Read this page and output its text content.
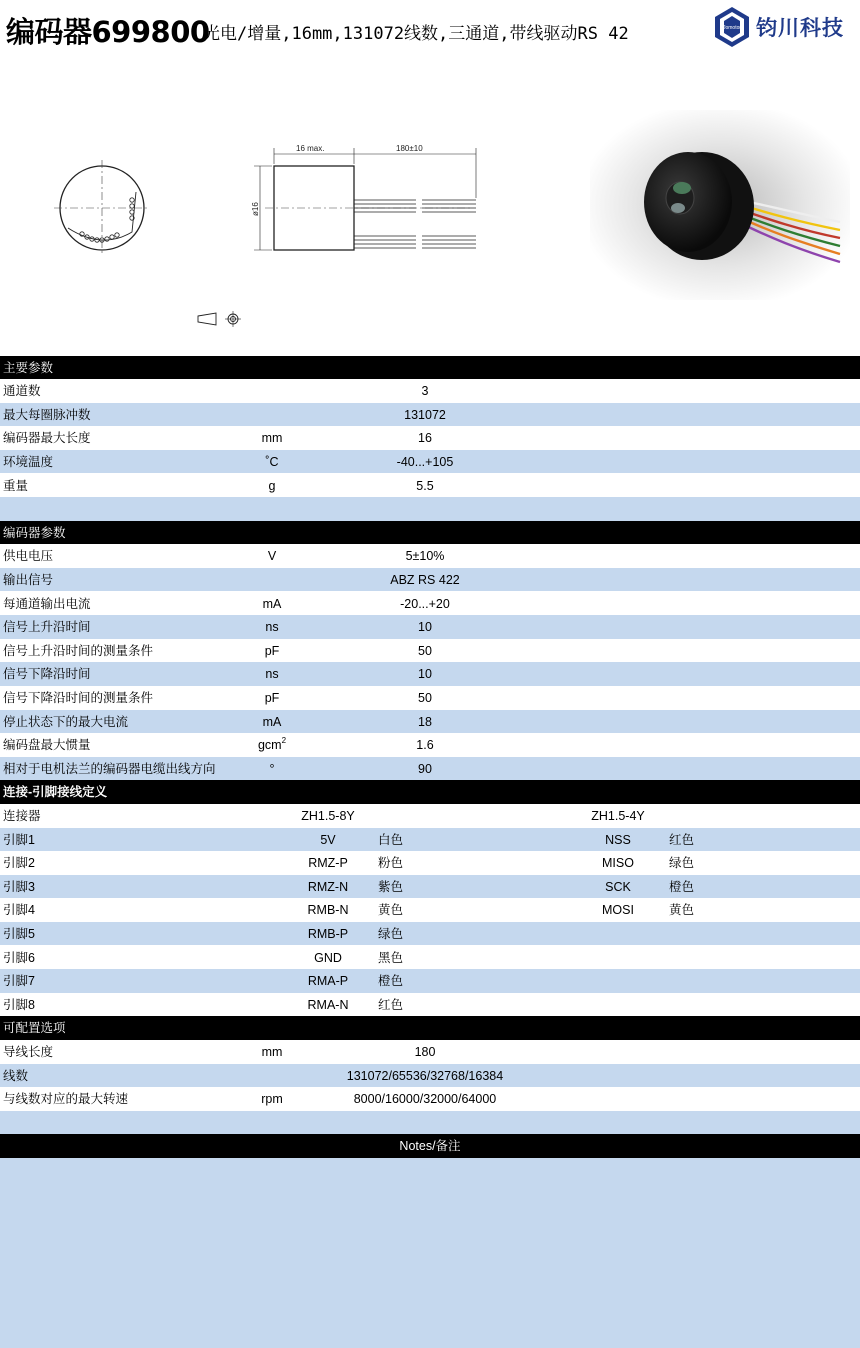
编码器699800
光电/增量,16mm,131072线数,三通道,带线驱动RS 42	Jomotor 钧川科技
16 max.	180±10
ø16
主要参数
通道数	3
最大每圈脉冲数	131072
编码器最大长度	mm	16
环境温度	˚C	-40...+105
重量	g	5.5
编码器参数
供电电压	V	5±10%
输出信号	ABZ RS 422
每通道输出电流	mA	-20...+20
信号上升沿时间	ns	10
信号上升沿时间的测量条件	pF	50
信号下降沿时间	ns	10
信号下降沿时间的测量条件	pF	50
停止状态下的最大电流	mA	18
编码盘最大惯量	gcm$^2$	1.6
相对于电机法兰的编码器电缆出线方向	°	90
连接-引脚接线定义
连接器	ZH1.5-8Y	ZH1.5-4Y
引脚1	5V	白色	NSS	红色
引脚2	RMZ-P	粉色	MISO	绿色
引脚3	RMZ-N	紫色	SCK	橙色
引脚4	RMB-N	黄色	MOSI	黄色
引脚5	RMB-P	绿色
引脚6	GND	黑色
引脚7	RMA-P	橙色
引脚8	RMA-N	红色
可配置选项
导线长度	mm	180
线数	131072/65536/32768/16384
与线数对应的最大转速	rpm	8000/16000/32000/64000
Notes/备注
